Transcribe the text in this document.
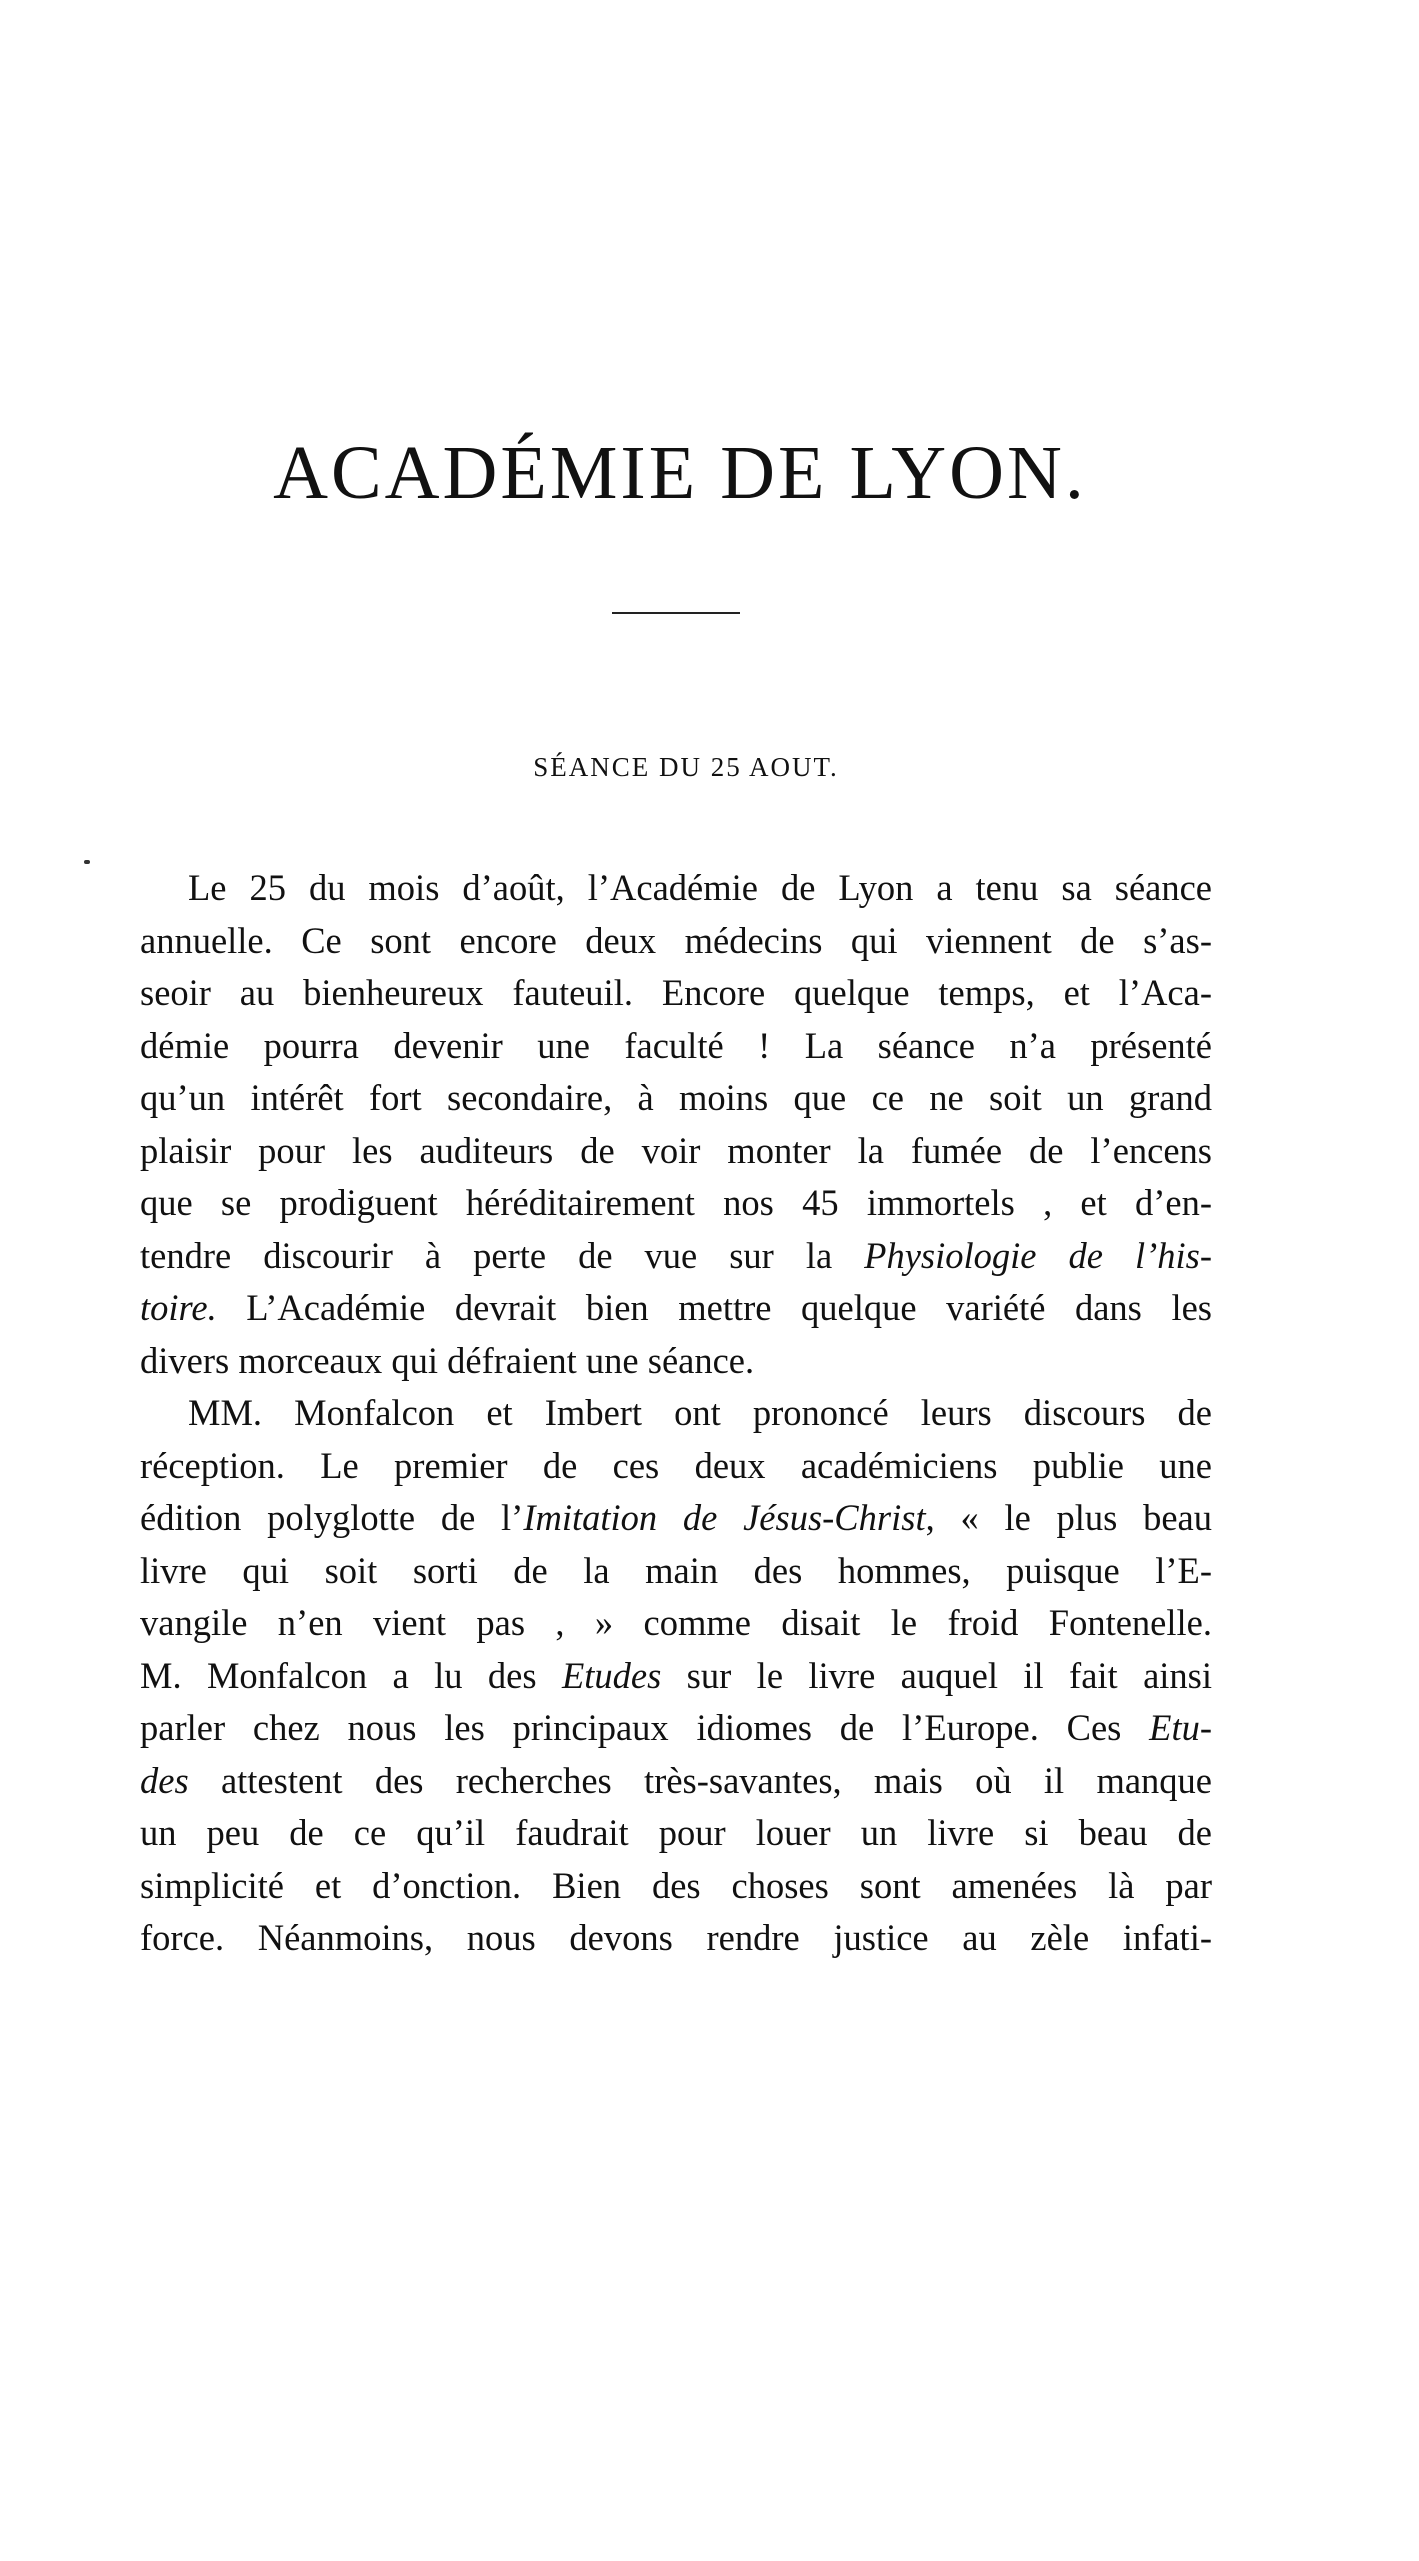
ACADÉMIE DE LYON.
SÉANCE DU 25 AOUT.
Le 25 du mois d’août, l’Académie de Lyon a tenu sa séance
annuelle. Ce sont encore deux médecins qui viennent de s’as-
seoir au bienheureux fauteuil. Encore quelque temps, et l’Aca-
démie pourra devenir une faculté ! La séance n’a présenté
qu’un intérêt fort secondaire, à moins que ce ne soit un grand
plaisir pour les auditeurs de voir monter la fumée de l’encens
que se prodiguent héréditairement nos 45 immortels , et d’en-
tendre discourir à perte de vue sur la Physiologie de l’his-
toire. L’Académie devrait bien mettre quelque variété dans les
divers morceaux qui défraient une séance.
MM. Monfalcon et Imbert ont prononcé leurs discours de
réception. Le premier de ces deux académiciens publie une
édition polyglotte de l’Imitation de Jésus-Christ, « le plus beau
livre qui soit sorti de la main des hommes, puisque l’E-
vangile n’en vient pas , » comme disait le froid Fontenelle.
M. Monfalcon a lu des Etudes sur le livre auquel il fait ainsi
parler chez nous les principaux idiomes de l’Europe. Ces Etu-
des attestent des recherches très-savantes, mais où il manque
un peu de ce qu’il faudrait pour louer un livre si beau de
simplicité et d’onction. Bien des choses sont amenées là par
force. Néanmoins, nous devons rendre justice au zèle infati-
